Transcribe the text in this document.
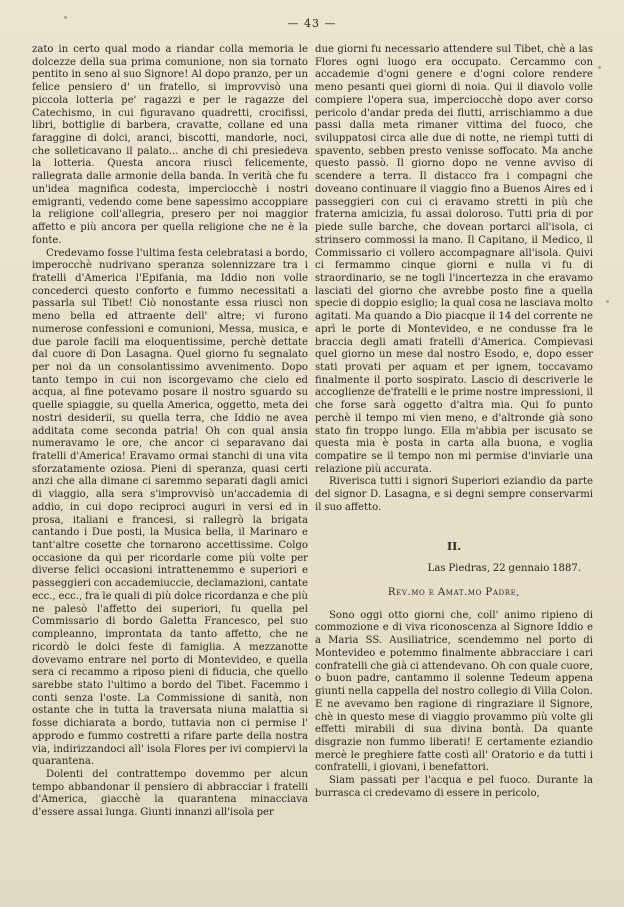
— 43 —

zato in certo qual modo a riandar colla memoria le dolcezze della sua prima comunione, non sia tornato pentito in seno al suo Signore! Al dopo pranzo, per un felice pensiero d' un fratello, si improvvisò una piccola lotteria pe' ragazzi e per le ragazze del Catechismo, in cui figuravano quadretti, crocifissi, libri, bottiglie di barbera, cravatte, collane ed una faraggine di dolci, aranci, biscotti, mandorle, noci, che solleticavano il palato... anche di chi presiedeva la lotteria. Questa ancora riuscì felicemente, rallegrata dalle armonie della banda. In verità che fu un'idea magnifica codesta, imperciocchè i nostri emigranti, vedendo come bene sapessimo accoppiare la religione coll'allegria, presero per noi maggior affetto e più ancora per quella religione che ne è la fonte.

Credevamo fosse l'ultima festa celebratasi a bordo, imperocchè nudrivano speranza solennizzare tra i fratelli d'America l'Epifania, ma Iddio non volle concederci questo conforto e fummo necessitati a passarla sul Tibet! Ciò nonostante essa riuscì non meno bella ed attraente dell' altre; vi furono numerose confessioni e comunioni, Messa, musica, e due parole facili ma eloquentissime, perchè dettate dal cuore di Don Lasagna. Quel giorno fu segnalato per noi da un consolantissimo avvenimento. Dopo tanto tempo in cui non iscorgevamo che cielo ed acqua, al fine potevamo posare il nostro sguardo su quelle spiaggie, su quella America, oggetto, meta dei nostri desiderii, su quella terra, che Iddio ne avea additata come seconda patria! Oh con qual ansia numeravamo le ore, che ancor ci separavano dai fratelli d'America! Eravamo ormai stanchi di una vita sforzatamente oziosa. Pieni di speranza, quasi certi anzi che alla dimane ci saremmo separati dagli amici di viaggio, alla sera s'improvvisò un'accademia di addio, in cui dopo reciproci auguri in versi ed in prosa, italiani e francesi, si rallegrò la brigata cantando i Due posti, la Musica bella, il Marinaro e tant'altre cosette che tornarono accettissime. Colgo occasione da qui per ricordarle come più volte per diverse felici occasioni intrattenemmo e superiori e passeggieri con accademiuccie, declamazioni, cantate ecc., ecc., fra le quali di più dolce ricordanza e che più ne palesò l'affetto dei superiori, fu quella pel Commissario di bordo Galetta Francesco, pel suo compleanno, improntata da tanto affetto, che ne ricordò le dolci feste di famiglia. A mezzanotte dovevamo entrare nel porto di Montevideo, e quella sera ci recammo a riposo pieni di fiducia, che quello sarebbe stato l'ultimo a bordo del Tibet. Facemmo i conti senza l'oste. La Commissione di sanità, non ostante che in tutta la traversata niuna malattia si fosse dichiarata a bordo, tuttavia non ci permise l' approdo e fummo costretti a rifare parte della nostra via, indirizzandoci all' isola Flores per ivi compiervi la quarantena.

Dolenti del contrattempo dovemmo per alcun tempo abbandonar il pensiero di abbracciar i fratelli d'America, giacchè la quarantena minacciava d'essere assai lunga. Giunti innanzi all'isola per

due giorni fu necessario attendere sul Tibet, chè a las Flores ogni luogo era occupato. Cercammo con accademie d'ogni genere e d'ogni colore rendere meno pesanti quei giorni di noia. Qui il diavolo volle compiere l'opera sua, imperciocchè dopo aver corso pericolo d'andar preda dei flutti, arrischiammo a due passi dalla meta rimaner vittima del fuoco, che sviluppatosi circa alle due di notte, ne riempì tutti di spavento, sebben presto venisse soffocato. Ma anche questo passò. Il giorno dopo ne venne avviso di scendere a terra. Il distacco fra i compagni che doveano continuare il viaggio fino a Buenos Aires ed i passeggieri con cui ci eravamo stretti in più che fraterna amicizia, fu assai doloroso. Tutti pria di por piede sulle barche, che dovean portarci all'isola, ci strinsero commossi la mano. Il Capitano, il Medico, il Commissario ci vollero accompagnare all'isola. Quivi ci fermammo cinque giorni e nulla vi fu di straordinario, se ne togli l'incertezza in che eravamo lasciati del giorno che avrebbe posto fine a quella specie di doppio esiglio; la qual cosa ne lasciava molto agitati. Ma quando a Dio piacque il 14 del corrente ne aprì le porte di Montevideo, e ne condusse fra le braccia degli amati fratelli d'America. Compievasi quel giorno un mese dal nostro Esodo, e, dopo esser stati provati per aquam et per ignem, toccavamo finalmente il porto sospirato. Lascio di descriverle le accoglienze de'fratelli e le prime nostre impressioni, il che forse sarà oggetto d'altra mia. Qui fo punto perchè il tempo mi vien meno, e d'altronde già sono stato fin troppo lungo. Ella m'abbia per iscusato se questa mia è posta in carta alla buona, e voglia compatire se il tempo non mi permise d'inviarle una relazione più accurata.

Riverisca tutti i signori Superiori eziandio da parte del signor D. Lasagna, e si degni sempre conservarmi il suo affetto.

II.
Las Piedras, 22 gennaio 1887.
Rev.mo e Amat.mo Padre,

Sono oggi otto giorni che, coll' animo ripieno di commozione e di viva riconoscenza al Signore Iddio e a Maria SS. Ausiliatrice, scendemmo nel porto di Montevideo e potemmo finalmente abbracciare i cari confratelli che già ci attendevano. Oh con quale cuore, o buon padre, cantammo il solenne Tedeum appena giunti nella cappella del nostro collegio di Villa Colon. E ne avevamo ben ragione di ringraziare il Signore, chè in questo mese di viaggio provammo più volte gli effetti mirabili di sua divina bontà. Da quante disgrazie non fummo liberati! E certamente eziandio mercè le preghiere fatte costì all' Oratorio e da tutti i confratelli, i giovani, i benefattori.

Siam passati per l'acqua e pel fuoco. Durante la burrasca ci credevamo di essere in pericolo,
